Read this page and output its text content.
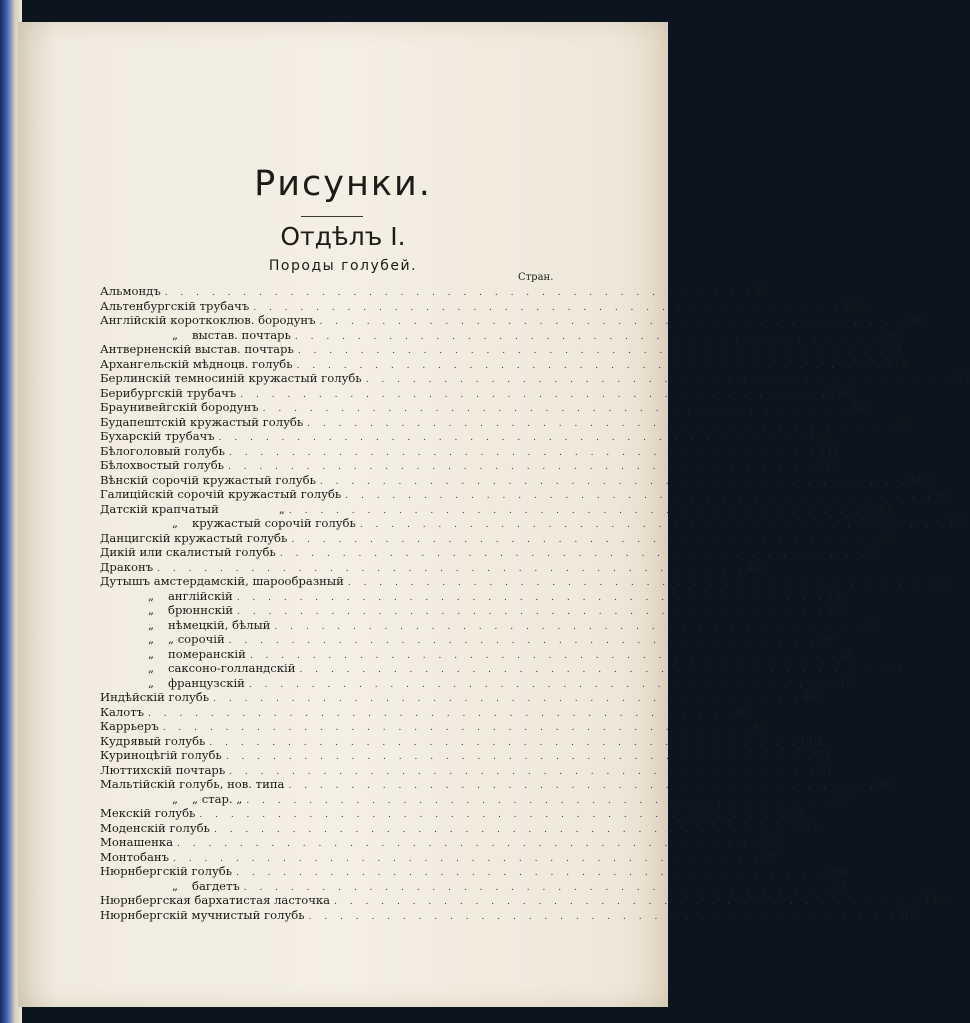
Рисунки.
Отдѣлъ I.
Породы голубей.
Стран.
Альмондъ . . . . . . . . . . . . . . . . . . . . . . . . . . . . . . . . . . . . . . 98
Альтенбургскій трубачъ . . . . . . . . . . . . . . . . . . . . . . . . . . . . . . . . . . . . . . 104
Англійскій короткоклюв. бородунъ . . . . . . . . . . . . . . . . . . . . . . . . . . . . . . . . . . . . . . 99
„ выстав. почтарь . . . . . . . . . . . . . . . . . . . . . . . . . . . . . . . . . . . . . . 66
Антверненскій выстав. почтарь . . . . . . . . . . . . . . . . . . . . . . . . . . . . . . . . . . . . . . 64
Архангельскій мѣдноцв. голубь . . . . . . . . . . . . . . . . . . . . . . . . . . . . . . . . . . . . . . 118
Берлинскій темносиній кружастый голубь . . . . . . . . . . . . . . . . . . . . . . . . . . . . . . . . . . . . . . 92
Берибургскій трубачъ . . . . . . . . . . . . . . . . . . . . . . . . . . . . . . . . . . . . . . 106
Браунивейгскій бородунъ . . . . . . . . . . . . . . . . . . . . . . . . . . . . . . . . . . . . . . 84
Будапештскій кружастый голубь . . . . . . . . . . . . . . . . . . . . . . . . . . . . . . . . . . . . . . 96
Бухарскій трубачъ . . . . . . . . . . . . . . . . . . . . . . . . . . . . . . . . . . . . . . 107
Бѣлоголовый голубь . . . . . . . . . . . . . . . . . . . . . . . . . . . . . . . . . . . . . . 111
Бѣлохвостый голубь . . . . . . . . . . . . . . . . . . . . . . . . . . . . . . . . . . . . . . 112
Вѣнскій сорочій кружастый голубь . . . . . . . . . . . . . . . . . . . . . . . . . . . . . . . . . . . . . . 101
Галиційскій сорочій кружастый голубь . . . . . . . . . . . . . . . . . . . . . . . . . . . . . . . . . . . . . . 90
Датскій крапчатый	„ . . . . . . . . . . . . . . . . . . . . . . . . . . . . . . . . . . . . . . 87
„ кружастый сорочій голубь . . . . . . . . . . . . . . . . . . . . . . . . . . . . . . . . . . . . . . 86
Данцигскій кружастый голубь . . . . . . . . . . . . . . . . . . . . . . . . . . . . . . . . . . . . . . 88
Дикій или скалистый голубь . . . . . . . . . . . . . . . . . . . . . . . . . . . . . . . . . . . . . . 9
Драконъ . . . . . . . . . . . . . . . . . . . . . . . . . . . . . . . . . . . . . . 46
Дутышъ амстердамскій, шарообразный . . . . . . . . . . . . . . . . . . . . . . . . . . . . . . . . . . . . . . 28
„ англійскій . . . . . . . . . . . . . . . . . . . . . . . . . . . . . . . . . . . . . . 16
„ брюннскій . . . . . . . . . . . . . . . . . . . . . . . . . . . . . . . . . . . . . . 26
„ нѣмецкій, бѣлый . . . . . . . . . . . . . . . . . . . . . . . . . . . . . . . . . . . . . . 25
„ „ сорочій . . . . . . . . . . . . . . . . . . . . . . . . . . . . . . . . . . . . . . 19
„ померанскій . . . . . . . . . . . . . . . . . . . . . . . . . . . . . . . . . . . . . . 21
„ саксоно-голландскій . . . . . . . . . . . . . . . . . . . . . . . . . . . . . . . . . . . . . . 22
„ французскій . . . . . . . . . . . . . . . . . . . . . . . . . . . . . . . . . . . . . . 18
Индѣйскій голубь . . . . . . . . . . . . . . . . . . . . . . . . . . . . . . . . . . . . . . 48
Калотъ . . . . . . . . . . . . . . . . . . . . . . . . . . . . . . . . . . . . . . 93
Каррьеръ . . . . . . . . . . . . . . . . . . . . . . . . . . . . . . . . . . . . . . 45
Кудрявый голубь . . . . . . . . . . . . . . . . . . . . . . . . . . . . . . . . . . . . . . 119
Куриноцѣгій голубь . . . . . . . . . . . . . . . . . . . . . . . . . . . . . . . . . . . . . . 73
Люттихскій почтарь . . . . . . . . . . . . . . . . . . . . . . . . . . . . . . . . . . . . . . 61
Мальтійскій голубь, нов. типа . . . . . . . . . . . . . . . . . . . . . . . . . . . . . . . . . . . . . . 68
„ „ стар. „ . . . . . . . . . . . . . . . . . . . . . . . . . . . . . . . . . . . . . . 67
Мекскій голубь . . . . . . . . . . . . . . . . . . . . . . . . . . . . . . . . . . . . . . 58
Моденскій голубь . . . . . . . . . . . . . . . . . . . . . . . . . . . . . . . . . . . . . . 71
Монашенка . . . . . . . . . . . . . . . . . . . . . . . . . . . . . . . . . . . . . . 95
Монтобанъ . . . . . . . . . . . . . . . . . . . . . . . . . . . . . . . . . . . . . . 77
Нюрнбергскій голубь . . . . . . . . . . . . . . . . . . . . . . . . . . . . . . . . . . . . . . 108
„ багдетъ . . . . . . . . . . . . . . . . . . . . . . . . . . . . . . . . . . . . . . 51
Нюрнбергская бархатистая ласточка . . . . . . . . . . . . . . . . . . . . . . . . . . . . . . . . . . . . . . 116
Нюрнбергскій мучнистый голубь . . . . . . . . . . . . . . . . . . . . . . . . . . . . . . . . . . . . . . 109
